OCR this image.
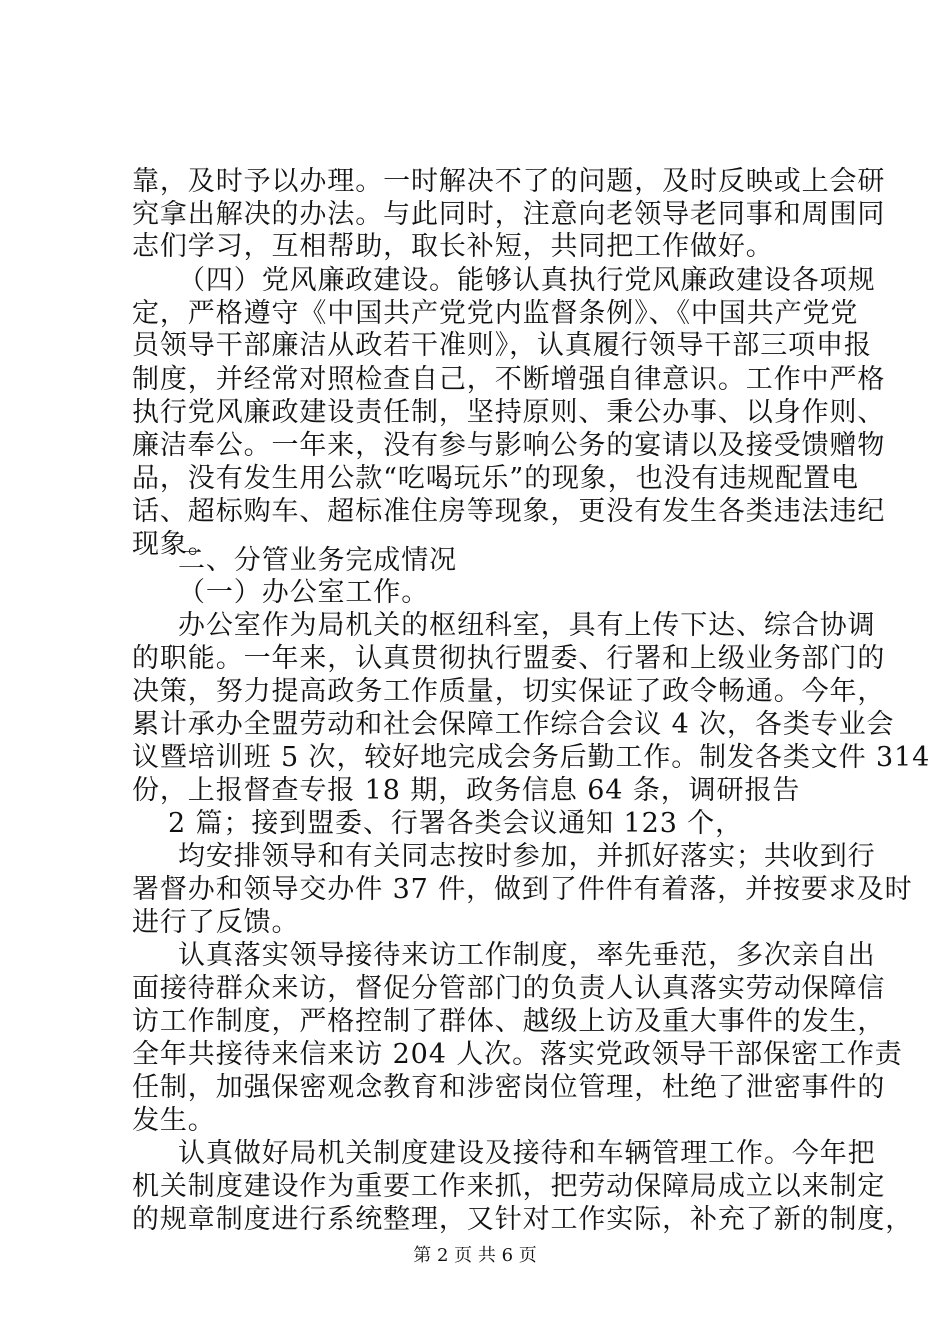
靠，及时予以办理。一时解决不了的问题，及时反映或上会研
究拿出解决的办法。与此同时，注意向老领导老同事和周围同
志们学习，互相帮助，取长补短，共同把工作做好。
（四）党风廉政建设。能够认真执行党风廉政建设各项规
定，严格遵守《中国共产党党内监督条例》、《中国共产党党
员领导干部廉洁从政若干准则》，认真履行领导干部三项申报
制度，并经常对照检查自己，不断增强自律意识。工作中严格
执行党风廉政建设责任制，坚持原则、秉公办事、以身作则、
廉洁奉公。一年来，没有参与影响公务的宴请以及接受馈赠物
品，没有发生用公款“吃喝玩乐”的现象，也没有违规配置电
话、超标购车、超标准住房等现象，更没有发生各类违法违纪
现象。
二、分管业务完成情况
（一）办公室工作。
办公室作为局机关的枢纽科室，具有上传下达、综合协调
的职能。一年来，认真贯彻执行盟委、行署和上级业务部门的
决策，努力提高政务工作质量，切实保证了政令畅通。今年，
累计承办全盟劳动和社会保障工作综合会议 4 次，各类专业会
议暨培训班 5 次，较好地完成会务后勤工作。制发各类文件 314
份，上报督查专报 18 期，政务信息 64 条，调研报告
2 篇；接到盟委、行署各类会议通知 123 个，
均安排领导和有关同志按时参加，并抓好落实；共收到行
署督办和领导交办件 37 件，做到了件件有着落，并按要求及时
进行了反馈。
认真落实领导接待来访工作制度，率先垂范，多次亲自出
面接待群众来访，督促分管部门的负责人认真落实劳动保障信
访工作制度，严格控制了群体、越级上访及重大事件的发生，
全年共接待来信来访 204 人次。落实党政领导干部保密工作责
任制，加强保密观念教育和涉密岗位管理，杜绝了泄密事件的
发生。
认真做好局机关制度建设及接待和车辆管理工作。今年把
机关制度建设作为重要工作来抓，把劳动保障局成立以来制定
的规章制度进行系统整理，又针对工作实际，补充了新的制度，
第 2 页 共 6 页
